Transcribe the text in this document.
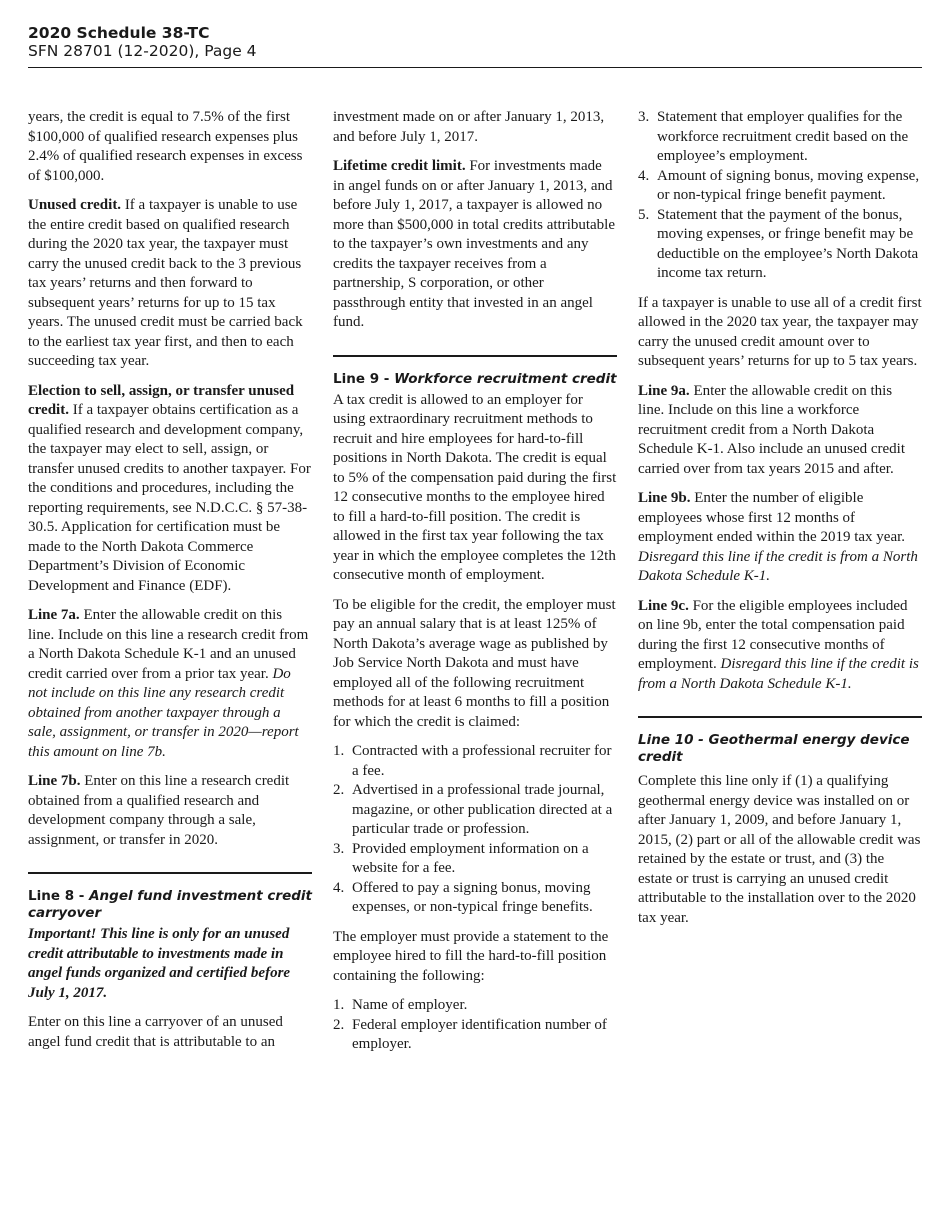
2020 Schedule 38-TC
SFN 28701 (12-2020), Page 4

years, the credit is equal to 7.5% of the first $100,000 of qualified research expenses plus 2.4% of qualified research expenses in excess of $100,000.

Unused credit. If a taxpayer is unable to use the entire credit based on qualified research during the 2020 tax year, the taxpayer must carry the unused credit back to the 3 previous tax years’ returns and then forward to subsequent years’ returns for up to 15 tax years. The unused credit must be carried back to the earliest tax year first, and then to each succeeding tax year.

Election to sell, assign, or transfer unused credit. If a taxpayer obtains certification as a qualified research and development company, the taxpayer may elect to sell, assign, or transfer unused credits to another taxpayer. For the conditions and procedures, including the reporting requirements, see N.D.C.C. § 57-38-30.5. Application for certification must be made to the North Dakota Commerce Department’s Division of Economic Development and Finance (EDF).

Line 7a. Enter the allowable credit on this line. Include on this line a research credit from a North Dakota Schedule K-1 and an unused credit carried over from a prior tax year. Do not include on this line any research credit obtained from another taxpayer through a sale, assignment, or transfer in 2020—report this amount on line 7b.

Line 7b. Enter on this line a research credit obtained from a qualified research and development company through a sale, assignment, or transfer in 2020.

Line 8 - Angel fund investment credit carryover

Important! This line is only for an unused credit attributable to investments made in angel funds organized and certified before July 1, 2017.

Enter on this line a carryover of an unused angel fund credit that is attributable to an

investment made on or after January 1, 2013, and before July 1, 2017.

Lifetime credit limit. For investments made in angel funds on or after January 1, 2013, and before July 1, 2017, a taxpayer is allowed no more than $500,000 in total credits attributable to the taxpayer’s own investments and any credits the taxpayer receives from a partnership, S corporation, or other passthrough entity that invested in an angel fund.

Line 9 - Workforce recruitment credit

A tax credit is allowed to an employer for using extraordinary recruitment methods to recruit and hire employees for hard-to-fill positions in North Dakota. The credit is equal to 5% of the compensation paid during the first 12 consecutive months to the employee hired to fill a hard-to-fill position. The credit is allowed in the first tax year following the tax year in which the employee completes the 12th consecutive month of employment.

To be eligible for the credit, the employer must pay an annual salary that is at least 125% of North Dakota’s average wage as published by Job Service North Dakota and must have employed all of the following recruitment methods for at least 6 months to fill a position for which the credit is claimed:

1. Contracted with a professional recruiter for a fee.
2. Advertised in a professional trade journal, magazine, or other publication directed at a particular trade or profession.
3. Provided employment information on a website for a fee.
4. Offered to pay a signing bonus, moving expenses, or non-typical fringe benefits.

The employer must provide a statement to the employee hired to fill the hard-to-fill position containing the following:

1. Name of employer.
2. Federal employer identification number of employer.
3. Statement that employer qualifies for the workforce recruitment credit based on the employee’s employment.
4. Amount of signing bonus, moving expense, or non-typical fringe benefit payment.
5. Statement that the payment of the bonus, moving expenses, or fringe benefit may be deductible on the employee’s North Dakota income tax return.

If a taxpayer is unable to use all of a credit first allowed in the 2020 tax year, the taxpayer may carry the unused credit amount over to subsequent years’ returns for up to 5 tax years.

Line 9a. Enter the allowable credit on this line. Include on this line a workforce recruitment credit from a North Dakota Schedule K-1. Also include an unused credit carried over from tax years 2015 and after.

Line 9b. Enter the number of eligible employees whose first 12 months of employment ended within the 2019 tax year. Disregard this line if the credit is from a North Dakota Schedule K-1.

Line 9c. For the eligible employees included on line 9b, enter the total compensation paid during the first 12 consecutive months of employment. Disregard this line if the credit is from a North Dakota Schedule K-1.

Line 10 - Geothermal energy device credit

Complete this line only if (1) a qualifying geothermal energy device was installed on or after January 1, 2009, and before January 1, 2015, (2) part or all of the allowable credit was retained by the estate or trust, and (3) the estate or trust is carrying an unused credit attributable to the installation over to the 2020 tax year.
